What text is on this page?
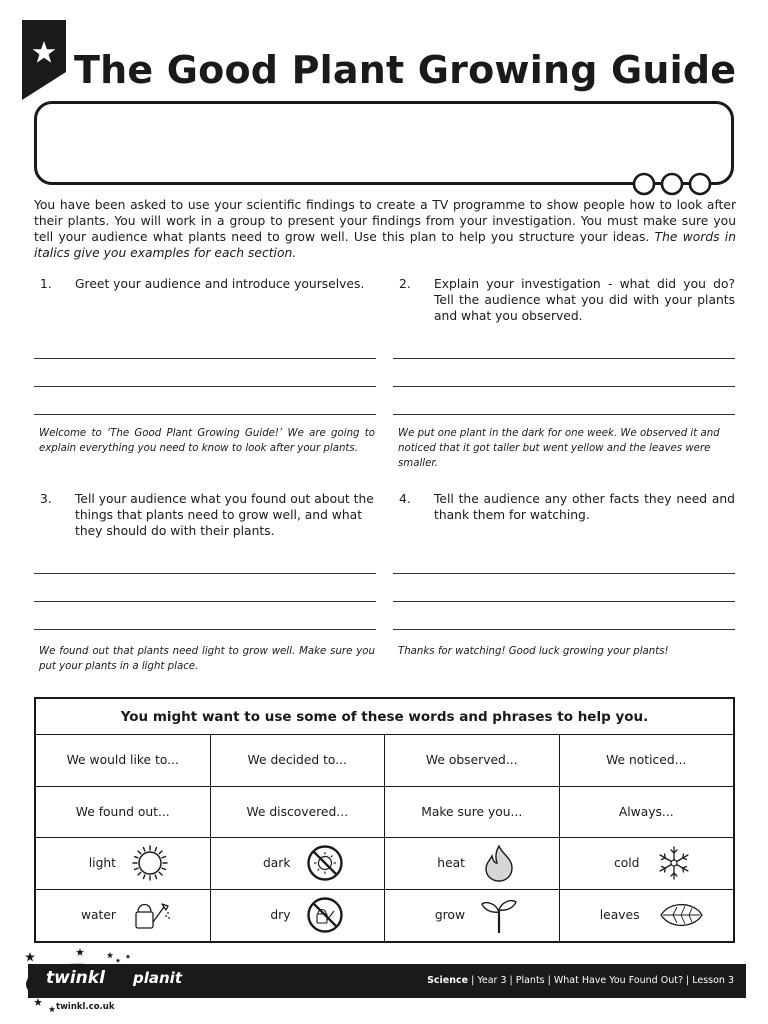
The Good Plant Growing Guide

You have been asked to use your scientific findings to create a TV programme to show people how to look after their plants. You will work in a group to present your findings from your investigation. You must make sure you tell your audience what plants need to grow well. Use this plan to help you structure your ideas. The words in italics give you examples for each section.

1. Greet your audience and introduce yourselves.

Welcome to ‘The Good Plant Growing Guide!’ We are going to explain everything you need to know to look after your plants.

2. Explain your investigation - what did you do? Tell the audience what you did with your plants and what you observed.

We put one plant in the dark for one week. We observed it and noticed that it got taller but went yellow and the leaves were smaller.

3. Tell your audience what you found out about the things that plants need to grow well, and what they should do with their plants.

We found out that plants need light to grow well. Make sure you put your plants in a light place.

4. Tell the audience any other facts they need and thank them for watching.

Thanks for watching! Good luck growing your plants!

You might want to use some of these words and phrases to help you.
We would like to...	We decided to...	We observed...	We noticed...
We found out...	We discovered...	Make sure you...	Always...
light	dark	heat	cold
water	dry	grow	leaves
Science | Year 3 | Plants | What Have You Found Out? | Lesson 3
twinkl planit
twinkl.co.uk
